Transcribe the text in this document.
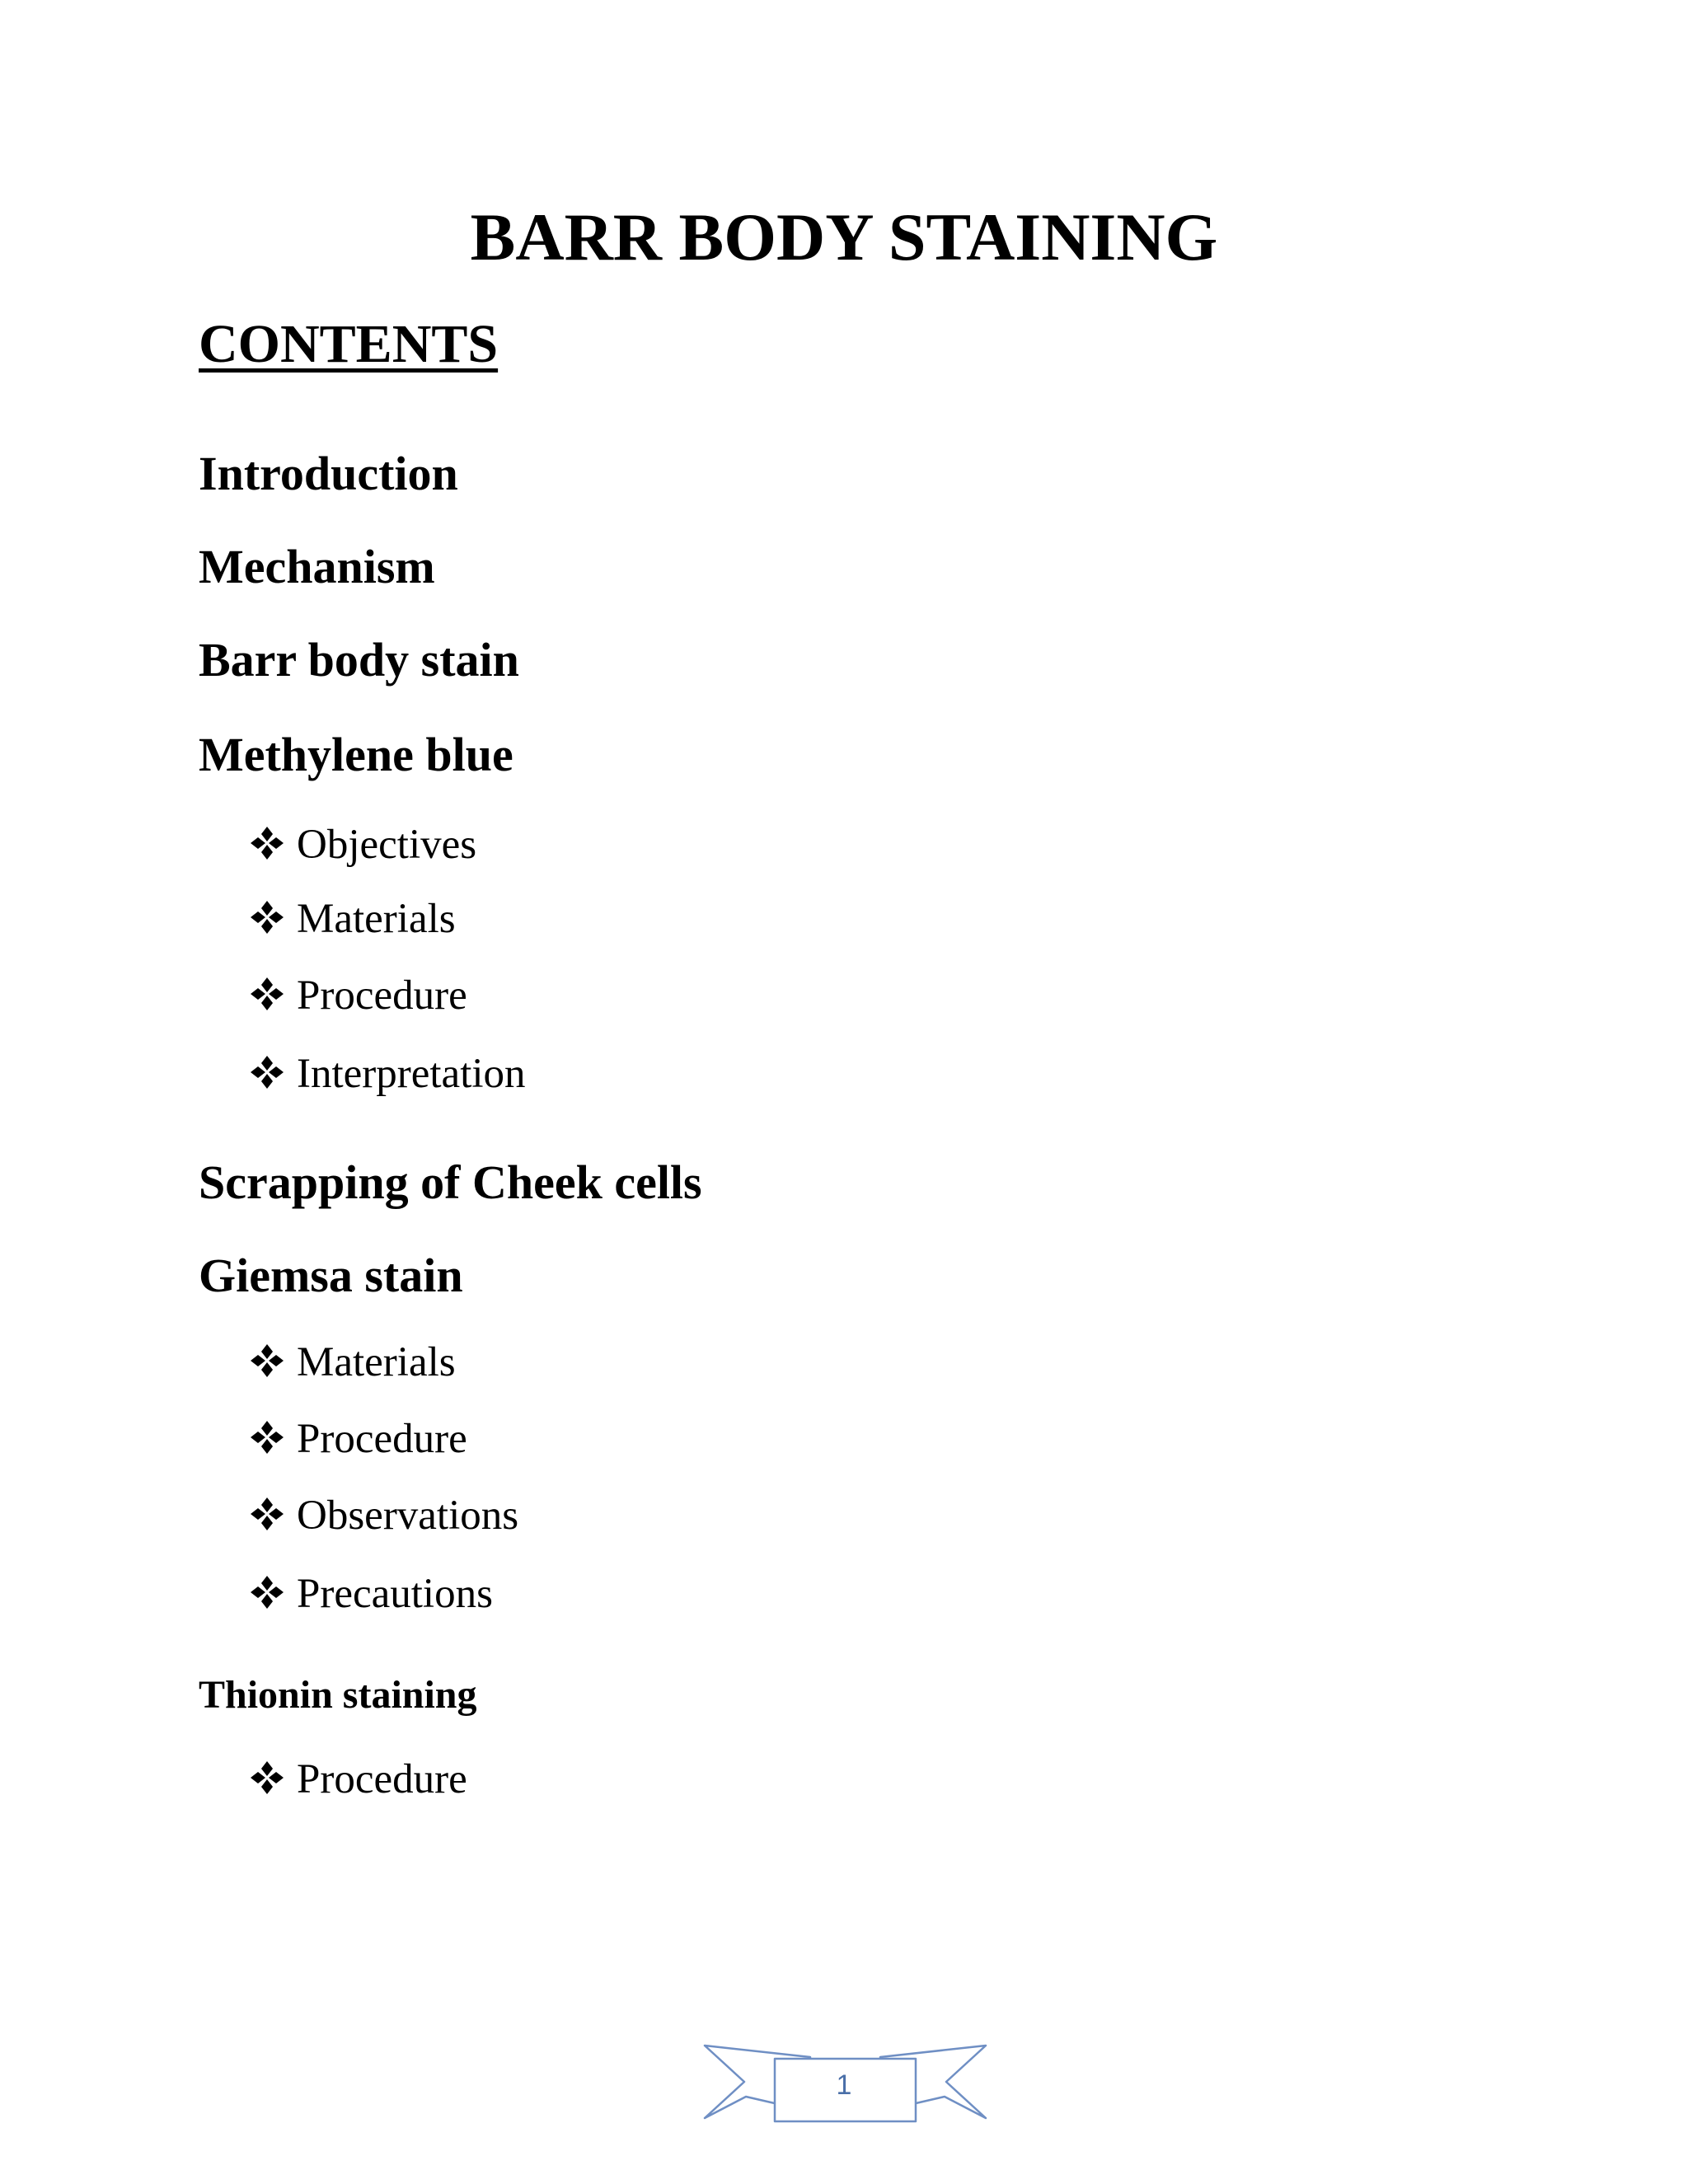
BARR BODY STAINING
CONTENTS
Introduction
Mechanism
Barr body stain
Methylene blue
Objectives
Materials
Procedure
Interpretation
Scrapping of Cheek cells
Giemsa stain
Materials
Procedure
Observations
Precautions
Thionin staining
Procedure
1
